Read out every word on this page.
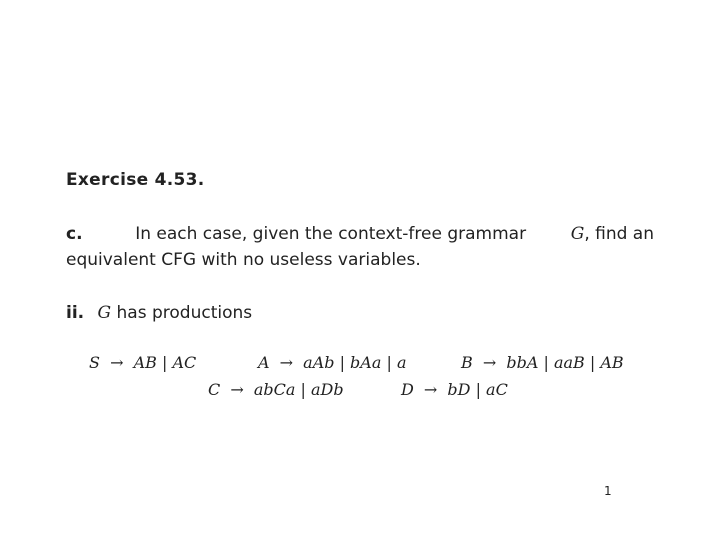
Exercise 4.53.
c.	In each case, given the context-free grammar	G, find an
equivalent CFG with no useless variables.
ii. G has productions
S → AB | AC	A → aAb | bAa | a	B → bbA | aaB | AB
C → abCa | aDb	D → bD | aC
1
